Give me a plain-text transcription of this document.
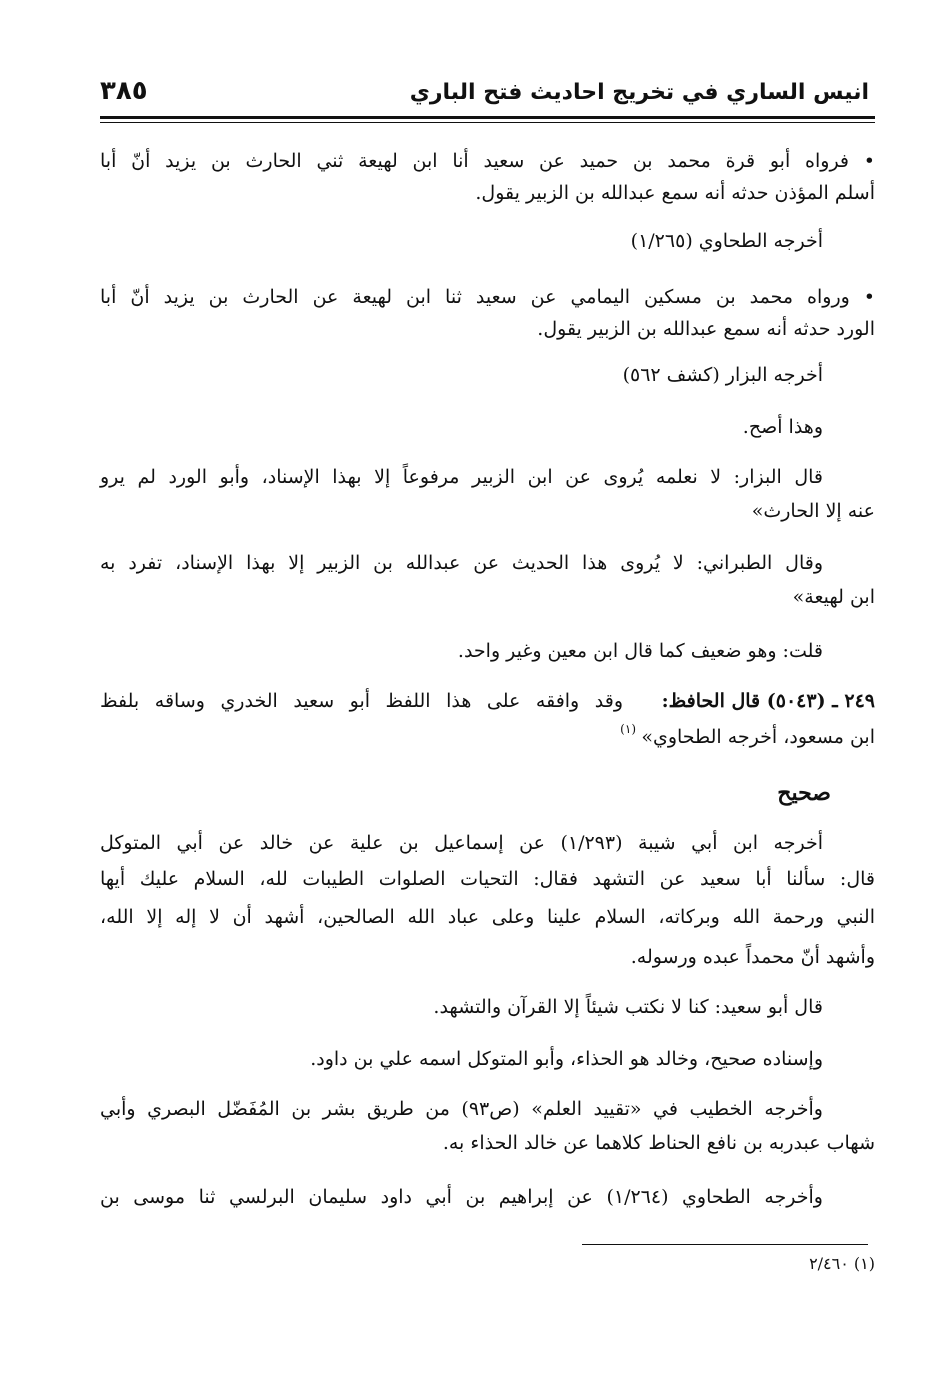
انيس الساري في تخريج احاديث فتح الباري
٣٨٥
• فرواه أبو قرة محمد بن حميد عن سعيد أنا ابن لهيعة ثني الحارث بن يزيد أنّ أبا
أسلم المؤذن حدثه أنه سمع عبدالله بن الزبير يقول.
أخرجه الطحاوي (١/٢٦٥)
• ورواه محمد بن مسكين اليمامي عن سعيد ثنا ابن لهيعة عن الحارث بن يزيد أنّ أبا
الورد حدثه أنه سمع عبدالله بن الزبير يقول.
أخرجه البزار (كشف ٥٦٢)
وهذا أصح.
قال البزار: لا نعلمه يُروى عن ابن الزبير مرفوعاً إلا بهذا الإسناد، وأبو الورد لم يرو
عنه إلا الحارث»
وقال الطبراني: لا يُروى هذا الحديث عن عبدالله بن الزبير إلا بهذا الإسناد، تفرد به
ابن لهيعة»
قلت: وهو ضعيف كما قال ابن معين وغير واحد.
٢٤٩ ـ (٥٠٤٣) قال الحافظ:
وقد وافقه على هذا اللفظ أبو سعيد الخدري وساقه بلفظ
ابن مسعود، أخرجه الطحاوي»
(١)
صحيح
أخرجه ابن أبي شيبة (١/٢٩٣) عن إسماعيل بن علية عن خالد عن أبي المتوكل
قال: سألنا أبا سعيد عن التشهد فقال: التحيات الصلوات الطيبات لله، السلام عليك أيها
النبي ورحمة الله وبركاته، السلام علينا وعلى عباد الله الصالحين، أشهد أن لا إله إلا الله،
وأشهد أنّ محمداً عبده ورسوله.
قال أبو سعيد: كنا لا نكتب شيئاً إلا القرآن والتشهد.
وإسناده صحيح، وخالد هو الحذاء، وأبو المتوكل اسمه علي بن داود.
وأخرجه الخطيب في «تقييد العلم» (ص٩٣) من طريق بشر بن المُفَضّل البصري وأبي
شهاب عبدربه بن نافع الحناط كلاهما عن خالد الحذاء به.
وأخرجه الطحاوي (١/٢٦٤) عن إبراهيم بن أبي داود سليمان البرلسي ثنا موسى بن
(١) ٢/٤٦٠
